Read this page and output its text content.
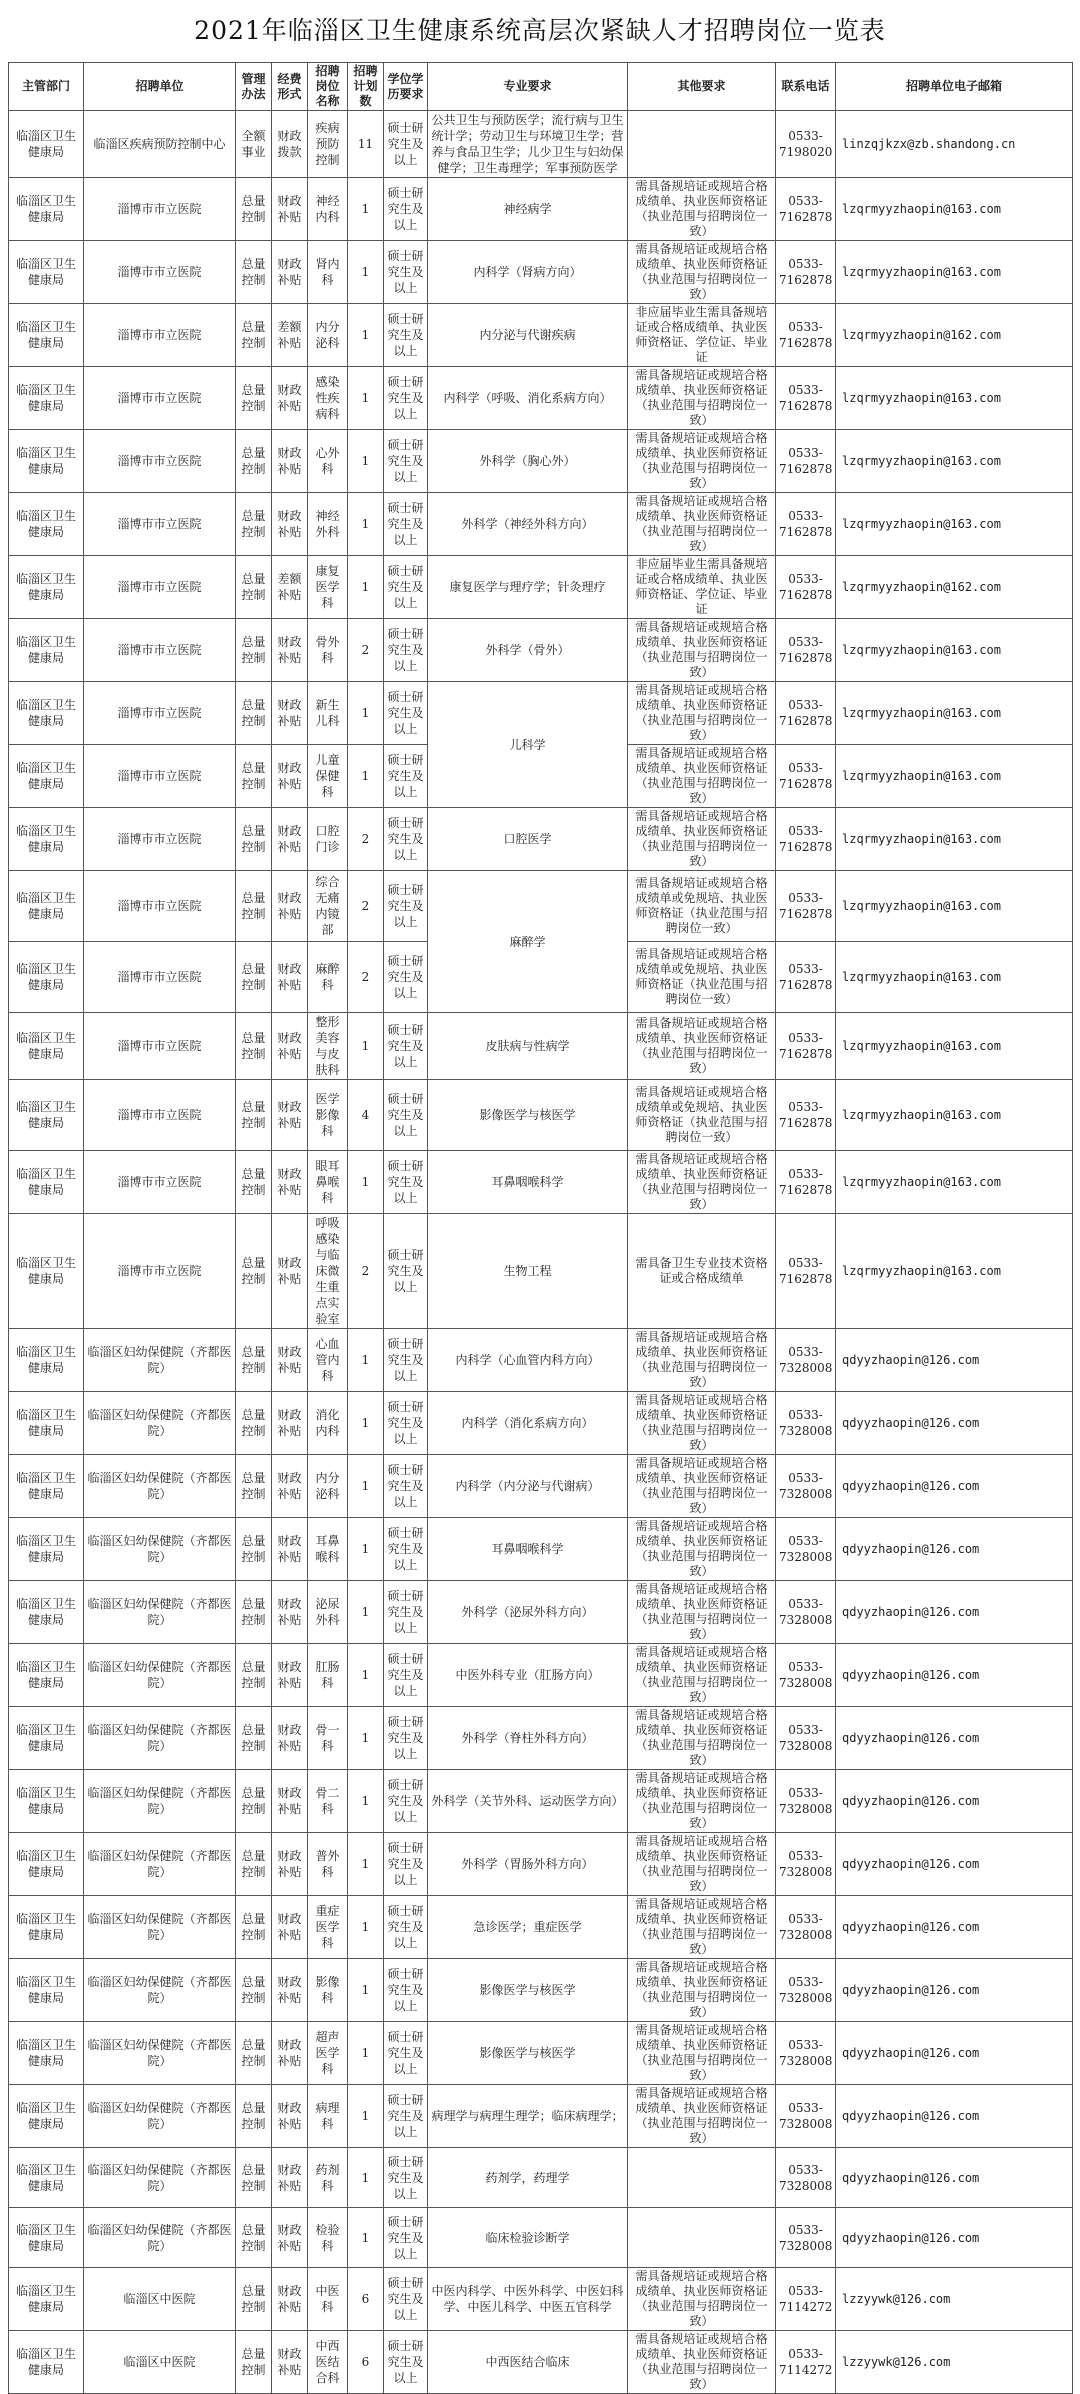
2021年临淄区卫生健康系统高层次紧缺人才招聘岗位一览表
主管部门	招聘单位	管理办法	经费形式	招聘岗位名称	招聘计划数	学位学历要求	专业要求	其他要求	联系电话	招聘单位电子邮箱
临淄区卫生健康局	临淄区疾病预防控制中心	全额事业	财政拨款	疾病预防控制	11	硕士研究生及以上	公共卫生与预防医学；流行病与卫生统计学；劳动卫生与环境卫生学；营养与食品卫生学；儿少卫生与妇幼保健学；卫生毒理学；军事预防医学		0533-7198020	linzqjkzx@zb.shandong.cn
临淄区卫生健康局	淄博市市立医院	总量控制	财政补贴	神经内科	1	硕士研究生及以上	神经病学	需具备规培证或规培合格成绩单、执业医师资格证（执业范围与招聘岗位一致）	0533-7162878	lzqrmyyzhaopin@163.com
临淄区卫生健康局	淄博市市立医院	总量控制	财政补贴	肾内科	1	硕士研究生及以上	内科学（肾病方向）	需具备规培证或规培合格成绩单、执业医师资格证（执业范围与招聘岗位一致）	0533-7162878	lzqrmyyzhaopin@163.com
临淄区卫生健康局	淄博市市立医院	总量控制	差额补贴	内分泌科	1	硕士研究生及以上	内分泌与代谢疾病	非应届毕业生需具备规培证或合格成绩单、执业医师资格证、学位证、毕业证	0533-7162878	lzqrmyyzhaopin@162.com
临淄区卫生健康局	淄博市市立医院	总量控制	财政补贴	感染性疾病科	1	硕士研究生及以上	内科学（呼吸、消化系病方向）	需具备规培证或规培合格成绩单、执业医师资格证（执业范围与招聘岗位一致）	0533-7162878	lzqrmyyzhaopin@163.com
临淄区卫生健康局	淄博市市立医院	总量控制	财政补贴	心外科	1	硕士研究生及以上	外科学（胸心外）	需具备规培证或规培合格成绩单、执业医师资格证（执业范围与招聘岗位一致）	0533-7162878	lzqrmyyzhaopin@163.com
临淄区卫生健康局	淄博市市立医院	总量控制	财政补贴	神经外科	1	硕士研究生及以上	外科学（神经外科方向）	需具备规培证或规培合格成绩单、执业医师资格证（执业范围与招聘岗位一致）	0533-7162878	lzqrmyyzhaopin@163.com
临淄区卫生健康局	淄博市市立医院	总量控制	差额补贴	康复医学科	1	硕士研究生及以上	康复医学与理疗学；针灸理疗	非应届毕业生需具备规培证或合格成绩单、执业医师资格证、学位证、毕业证	0533-7162878	lzqrmyyzhaopin@162.com
临淄区卫生健康局	淄博市市立医院	总量控制	财政补贴	骨外科	2	硕士研究生及以上	外科学（骨外）	需具备规培证或规培合格成绩单、执业医师资格证（执业范围与招聘岗位一致）	0533-7162878	lzqrmyyzhaopin@163.com
临淄区卫生健康局	淄博市市立医院	总量控制	财政补贴	新生儿科	1	硕士研究生及以上	儿科学	需具备规培证或规培合格成绩单、执业医师资格证（执业范围与招聘岗位一致）	0533-7162878	lzqrmyyzhaopin@163.com
临淄区卫生健康局	淄博市市立医院	总量控制	财政补贴	儿童保健科	1	硕士研究生及以上		需具备规培证或规培合格成绩单、执业医师资格证（执业范围与招聘岗位一致）	0533-7162878	lzqrmyyzhaopin@163.com
临淄区卫生健康局	淄博市市立医院	总量控制	财政补贴	口腔门诊	2	硕士研究生及以上	口腔医学	需具备规培证或规培合格成绩单、执业医师资格证（执业范围与招聘岗位一致）	0533-7162878	lzqrmyyzhaopin@163.com
临淄区卫生健康局	淄博市市立医院	总量控制	财政补贴	综合无痛内镜部	2	硕士研究生及以上	麻醉学	需具备规培证或规培合格成绩单或免规培、执业医师资格证（执业范围与招聘岗位一致）	0533-7162878	lzqrmyyzhaopin@163.com
临淄区卫生健康局	淄博市市立医院	总量控制	财政补贴	麻醉科	2	硕士研究生及以上		需具备规培证或规培合格成绩单或免规培、执业医师资格证（执业范围与招聘岗位一致）	0533-7162878	lzqrmyyzhaopin@163.com
临淄区卫生健康局	淄博市市立医院	总量控制	财政补贴	整形美容与皮肤科	1	硕士研究生及以上	皮肤病与性病学	需具备规培证或规培合格成绩单、执业医师资格证（执业范围与招聘岗位一致）	0533-7162878	lzqrmyyzhaopin@163.com
临淄区卫生健康局	淄博市市立医院	总量控制	财政补贴	医学影像科	4	硕士研究生及以上	影像医学与核医学	需具备规培证或规培合格成绩单或免规培、执业医师资格证（执业范围与招聘岗位一致）	0533-7162878	lzqrmyyzhaopin@163.com
临淄区卫生健康局	淄博市市立医院	总量控制	财政补贴	眼耳鼻喉科	1	硕士研究生及以上	耳鼻咽喉科学	需具备规培证或规培合格成绩单、执业医师资格证（执业范围与招聘岗位一致）	0533-7162878	lzqrmyyzhaopin@163.com
临淄区卫生健康局	淄博市市立医院	总量控制	财政补贴	呼吸感染与临床微生重点实验室	2	硕士研究生及以上	生物工程	需具备卫生专业技术资格证或合格成绩单	0533-7162878	lzqrmyyzhaopin@163.com
临淄区卫生健康局	临淄区妇幼保健院（齐都医院）	总量控制	财政补贴	心血管内科	1	硕士研究生及以上	内科学（心血管内科方向）	需具备规培证或规培合格成绩单、执业医师资格证（执业范围与招聘岗位一致）	0533-7328008	qdyyzhaopin@126.com
临淄区卫生健康局	临淄区妇幼保健院（齐都医院）	总量控制	财政补贴	消化内科	1	硕士研究生及以上	内科学（消化系病方向）	需具备规培证或规培合格成绩单、执业医师资格证（执业范围与招聘岗位一致）	0533-7328008	qdyyzhaopin@126.com
临淄区卫生健康局	临淄区妇幼保健院（齐都医院）	总量控制	财政补贴	内分泌科	1	硕士研究生及以上	内科学（内分泌与代谢病）	需具备规培证或规培合格成绩单、执业医师资格证（执业范围与招聘岗位一致）	0533-7328008	qdyyzhaopin@126.com
临淄区卫生健康局	临淄区妇幼保健院（齐都医院）	总量控制	财政补贴	耳鼻喉科	1	硕士研究生及以上	耳鼻咽喉科学	需具备规培证或规培合格成绩单、执业医师资格证（执业范围与招聘岗位一致）	0533-7328008	qdyyzhaopin@126.com
临淄区卫生健康局	临淄区妇幼保健院（齐都医院）	总量控制	财政补贴	泌尿外科	1	硕士研究生及以上	外科学（泌尿外科方向）	需具备规培证或规培合格成绩单、执业医师资格证（执业范围与招聘岗位一致）	0533-7328008	qdyyzhaopin@126.com
临淄区卫生健康局	临淄区妇幼保健院（齐都医院）	总量控制	财政补贴	肛肠科	1	硕士研究生及以上	中医外科专业（肛肠方向）	需具备规培证或规培合格成绩单、执业医师资格证（执业范围与招聘岗位一致）	0533-7328008	qdyyzhaopin@126.com
临淄区卫生健康局	临淄区妇幼保健院（齐都医院）	总量控制	财政补贴	骨一科	1	硕士研究生及以上	外科学（脊柱外科方向）	需具备规培证或规培合格成绩单、执业医师资格证（执业范围与招聘岗位一致）	0533-7328008	qdyyzhaopin@126.com
临淄区卫生健康局	临淄区妇幼保健院（齐都医院）	总量控制	财政补贴	骨二科	1	硕士研究生及以上	外科学（关节外科、运动医学方向）	需具备规培证或规培合格成绩单、执业医师资格证（执业范围与招聘岗位一致）	0533-7328008	qdyyzhaopin@126.com
临淄区卫生健康局	临淄区妇幼保健院（齐都医院）	总量控制	财政补贴	普外科	1	硕士研究生及以上	外科学（胃肠外科方向）	需具备规培证或规培合格成绩单、执业医师资格证（执业范围与招聘岗位一致）	0533-7328008	qdyyzhaopin@126.com
临淄区卫生健康局	临淄区妇幼保健院（齐都医院）	总量控制	财政补贴	重症医学科	1	硕士研究生及以上	急诊医学；重症医学	需具备规培证或规培合格成绩单、执业医师资格证（执业范围与招聘岗位一致）	0533-7328008	qdyyzhaopin@126.com
临淄区卫生健康局	临淄区妇幼保健院（齐都医院）	总量控制	财政补贴	影像科	1	硕士研究生及以上	影像医学与核医学	需具备规培证或规培合格成绩单、执业医师资格证（执业范围与招聘岗位一致）	0533-7328008	qdyyzhaopin@126.com
临淄区卫生健康局	临淄区妇幼保健院（齐都医院）	总量控制	财政补贴	超声医学科	1	硕士研究生及以上	影像医学与核医学	需具备规培证或规培合格成绩单、执业医师资格证（执业范围与招聘岗位一致）	0533-7328008	qdyyzhaopin@126.com
临淄区卫生健康局	临淄区妇幼保健院（齐都医院）	总量控制	财政补贴	病理科	1	硕士研究生及以上	病理学与病理生理学；临床病理学；	需具备规培证或规培合格成绩单、执业医师资格证（执业范围与招聘岗位一致）	0533-7328008	qdyyzhaopin@126.com
临淄区卫生健康局	临淄区妇幼保健院（齐都医院）	总量控制	财政补贴	药剂科	1	硕士研究生及以上	药剂学，药理学		0533-7328008	qdyyzhaopin@126.com
临淄区卫生健康局	临淄区妇幼保健院（齐都医院）	总量控制	财政补贴	检验科	1	硕士研究生及以上	临床检验诊断学		0533-7328008	qdyyzhaopin@126.com
临淄区卫生健康局	临淄区中医院	总量控制	财政补贴	中医科	6	硕士研究生及以上	中医内科学、中医外科学、中医妇科学、中医儿科学、中医五官科学	需具备规培证或规培合格成绩单、执业医师资格证（执业范围与招聘岗位一致）	0533-7114272	lzzyywk@126.com
临淄区卫生健康局	临淄区中医院	总量控制	财政补贴	中西医结合科	6	硕士研究生及以上	中西医结合临床	需具备规培证或规培合格成绩单、执业医师资格证（执业范围与招聘岗位一致）	0533-7114272	lzzyywk@126.com
